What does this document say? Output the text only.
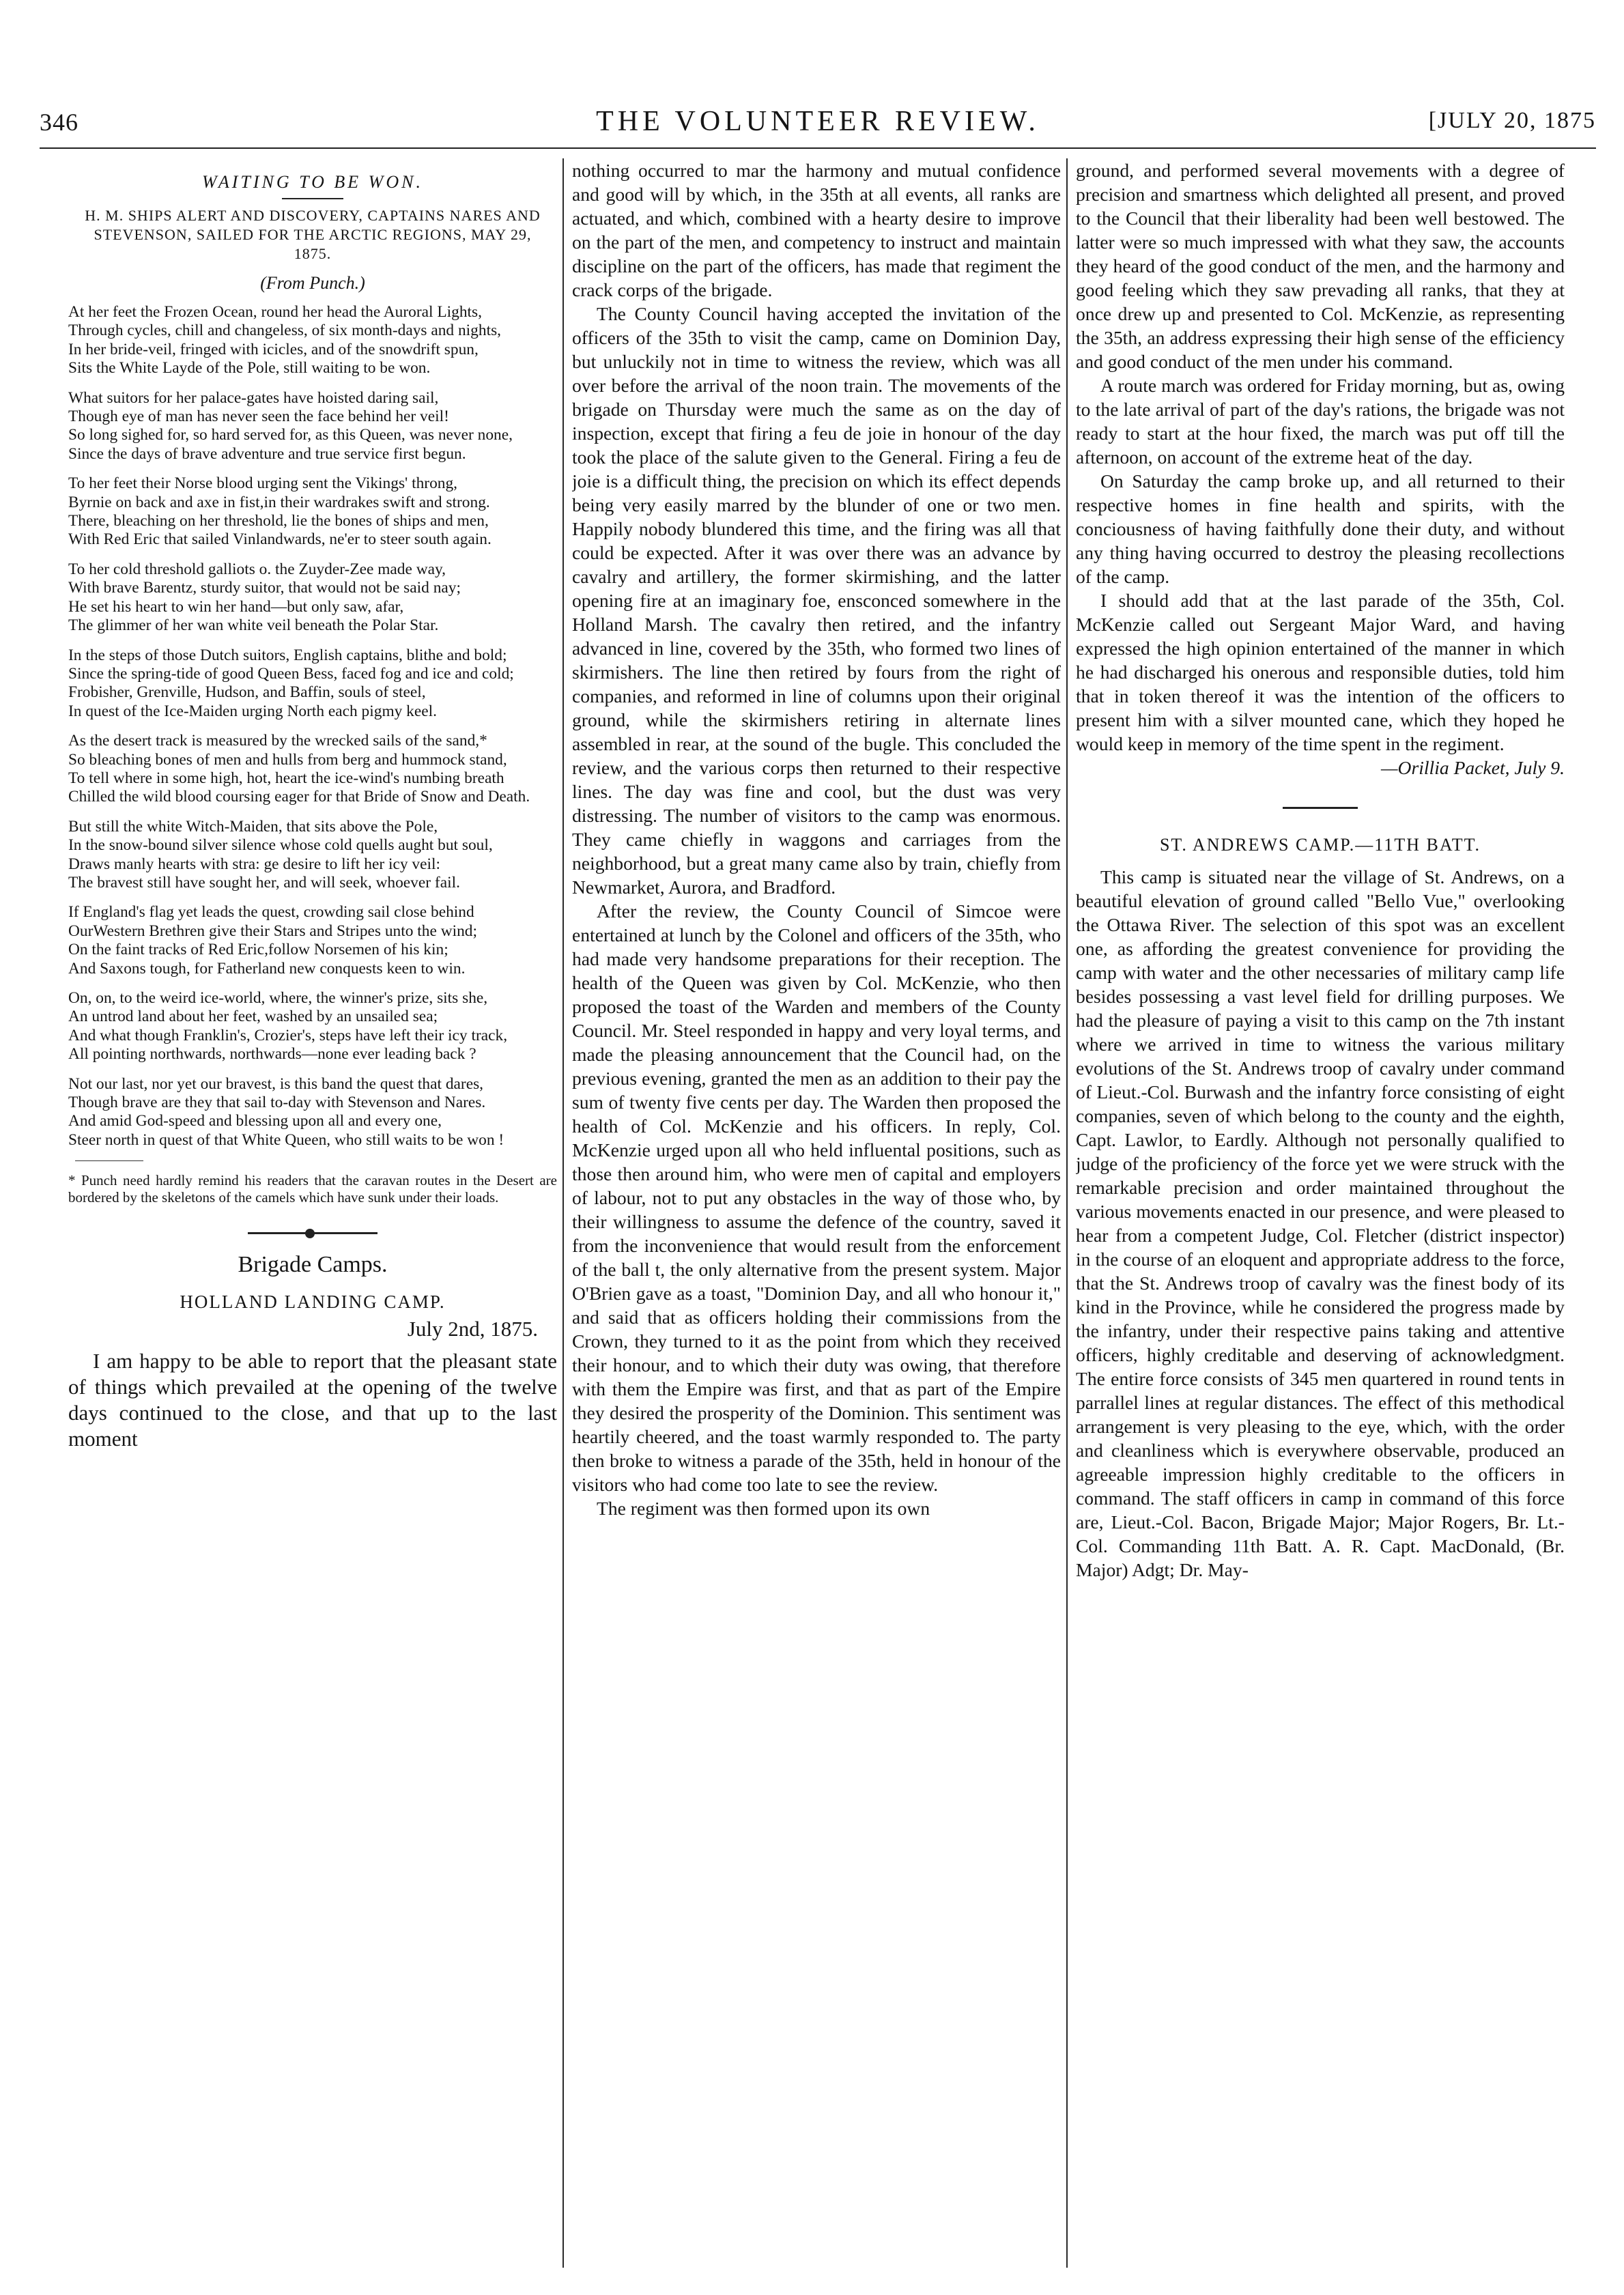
346	THE VOLUNTEER REVIEW.	[JULY 20, 1875
WAITING TO BE WON.
H. M. SHIPS ALERT AND DISCOVERY, CAPTAINS NARES AND STEVENSON, SAILED FOR THE ARCTIC REGIONS, MAY 29, 1875.
(From Punch.)

At her feet the Frozen Ocean, round her head the Auroral Lights,

Through cycles, chill and changeless, of six month-days and nights,

In her bride-veil, fringed with icicles, and of the snowdrift spun,

Sits the White Layde of the Pole, still waiting to be won.

What suitors for her palace-gates have hoisted daring sail,

Though eye of man has never seen the face behind her veil!

So long sighed for, so hard served for, as this Queen, was never none,

Since the days of brave adventure and true service first begun.

To her feet their Norse blood urging sent the Vikings' throng,

Byrnie on back and axe in fist,in their wardrakes swift and strong.

There, bleaching on her threshold, lie the bones of ships and men,

With Red Eric that sailed Vinlandwards, ne'er to steer south again.

To her cold threshold galliots o. the Zuyder-Zee made way,

With brave Barentz, sturdy suitor, that would not be said nay;

He set his heart to win her hand—but only saw, afar,

The glimmer of her wan white veil beneath the Polar Star.

In the steps of those Dutch suitors, English captains, blithe and bold;

Since the spring-tide of good Queen Bess, faced fog and ice and cold;

Frobisher, Grenville, Hudson, and Baffin, souls of steel,

In quest of the Ice-Maiden urging North each pigmy keel.

As the desert track is measured by the wrecked sails of the sand,*

So bleaching bones of men and hulls from berg and hummock stand,

To tell where in some high, hot, heart the ice-wind's numbing breath

Chilled the wild blood coursing eager for that Bride of Snow and Death.

But still the white Witch-Maiden, that sits above the Pole,

In the snow-bound silver silence whose cold quells aught but soul,

Draws manly hearts with stra: ge desire to lift her icy veil:

The bravest still have sought her, and will seek, whoever fail.

If England's flag yet leads the quest, crowding sail close behind

OurWestern Brethren give their Stars and Stripes unto the wind;

On the faint tracks of Red Eric,follow Norsemen of his kin;

And Saxons tough, for Fatherland new conquests keen to win.

On, on, to the weird ice-world, where, the winner's prize, sits she,

An untrod land about her feet, washed by an unsailed sea;

And what though Franklin's, Crozier's, steps have left their icy track,

All pointing northwards, northwards—none ever leading back ?

Not our last, nor yet our bravest, is this band the quest that dares,

Though brave are they that sail to-day with Stevenson and Nares.

And amid God-speed and blessing upon all and every one,

Steer north in quest of that White Queen, who still waits to be won !

* Punch need hardly remind his readers that the caravan routes in the Desert are bordered by the skeletons of the camels which have sunk under their loads.

Brigade Camps.
HOLLAND LANDING CAMP.
July 2nd, 1875.

I am happy to be able to report that the pleasant state of things which prevailed at the opening of the twelve days continued to the close, and that up to the last moment

nothing occurred to mar the harmony and mutual confidence and good will by which, in the 35th at all events, all ranks are actuated, and which, combined with a hearty desire to improve on the part of the men, and competency to instruct and maintain discipline on the part of the officers, has made that regiment the crack corps of the brigade.

The County Council having accepted the invitation of the officers of the 35th to visit the camp, came on Dominion Day, but unluckily not in time to witness the review, which was all over before the arrival of the noon train. The movements of the brigade on Thursday were much the same as on the day of inspection, except that firing a feu de joie in honour of the day took the place of the salute given to the General. Firing a feu de joie is a difficult thing, the precision on which its effect depends being very easily marred by the blunder of one or two men. Happily nobody blundered this time, and the firing was all that could be expected. After it was over there was an advance by cavalry and artillery, the former skirmishing, and the latter opening fire at an imaginary foe, ensconced somewhere in the Holland Marsh. The cavalry then retired, and the infantry advanced in line, covered by the 35th, who formed two lines of skirmishers. The line then retired by fours from the right of companies, and reformed in line of columns upon their original ground, while the skirmishers retiring in alternate lines assembled in rear, at the sound of the bugle. This concluded the review, and the various corps then returned to their respective lines. The day was fine and cool, but the dust was very distressing. The number of visitors to the camp was enormous. They came chiefly in waggons and carriages from the neighborhood, but a great many came also by train, chiefly from Newmarket, Aurora, and Bradford.

After the review, the County Council of Simcoe were entertained at lunch by the Colonel and officers of the 35th, who had made very handsome preparations for their reception. The health of the Queen was given by Col. McKenzie, who then proposed the toast of the Warden and members of the County Council. Mr. Steel responded in happy and very loyal terms, and made the pleasing announcement that the Council had, on the previous evening, granted the men as an addition to their pay the sum of twenty five cents per day. The Warden then proposed the health of Col. McKenzie and his officers. In reply, Col. McKenzie urged upon all who held influental positions, such as those then around him, who were men of capital and employers of labour, not to put any obstacles in the way of those who, by their willingness to assume the defence of the country, saved it from the inconvenience that would result from the enforcement of the ball t, the only alternative from the present system. Major O'Brien gave as a toast, "Dominion Day, and all who honour it," and said that as officers holding their commissions from the Crown, they turned to it as the point from which they received their honour, and to which their duty was owing, that therefore with them the Empire was first, and that as part of the Empire they desired the prosperity of the Dominion. This sentiment was heartily cheered, and the toast warmly responded to. The party then broke to witness a parade of the 35th, held in honour of the visitors who had come too late to see the review.

The regiment was then formed upon its own

ground, and performed several movements with a degree of precision and smartness which delighted all present, and proved to the Council that their liberality had been well bestowed. The latter were so much impressed with what they saw, the accounts they heard of the good conduct of the men, and the harmony and good feeling which they saw prevading all ranks, that they at once drew up and presented to Col. McKenzie, as representing the 35th, an address expressing their high sense of the efficiency and good conduct of the men under his command.

A route march was ordered for Friday morning, but as, owing to the late arrival of part of the day's rations, the brigade was not ready to start at the hour fixed, the march was put off till the afternoon, on account of the extreme heat of the day.

On Saturday the camp broke up, and all returned to their respective homes in fine health and spirits, with the conciousness of having faithfully done their duty, and without any thing having occurred to destroy the pleasing recollections of the camp.

I should add that at the last parade of the 35th, Col. McKenzie called out Sergeant Major Ward, and having expressed the high opinion entertained of the manner in which he had discharged his onerous and responsible duties, told him that in token thereof it was the intention of the officers to present him with a silver mounted cane, which they hoped he would keep in memory of the time spent in the regiment.

—Orillia Packet, July 9.

ST. ANDREWS CAMP.—11TH BATT.

This camp is situated near the village of St. Andrews, on a beautiful elevation of ground called "Bello Vue," overlooking the Ottawa River. The selection of this spot was an excellent one, as affording the greatest convenience for providing the camp with water and the other necessaries of military camp life besides possessing a vast level field for drilling purposes. We had the pleasure of paying a visit to this camp on the 7th instant where we arrived in time to witness the various military evolutions of the St. Andrews troop of cavalry under command of Lieut.-Col. Burwash and the infantry force consisting of eight companies, seven of which belong to the county and the eighth, Capt. Lawlor, to Eardly. Although not personally qualified to judge of the proficiency of the force yet we were struck with the remarkable precision and order maintained throughout the various movements enacted in our presence, and were pleased to hear from a competent Judge, Col. Fletcher (district inspector) in the course of an eloquent and appropriate address to the force, that the St. Andrews troop of cavalry was the finest body of its kind in the Province, while he considered the progress made by the infantry, under their respective pains taking and attentive officers, highly creditable and deserving of acknowledgment. The entire force consists of 345 men quartered in round tents in parrallel lines at regular distances. The effect of this methodical arrangement is very pleasing to the eye, which, with the order and cleanliness which is everywhere observable, produced an agreeable impression highly creditable to the officers in command. The staff officers in camp in command of this force are, Lieut.-Col. Bacon, Brigade Major; Major Rogers, Br. Lt.-Col. Commanding 11th Batt. A. R. Capt. MacDonald, (Br. Major) Adgt; Dr. May-
